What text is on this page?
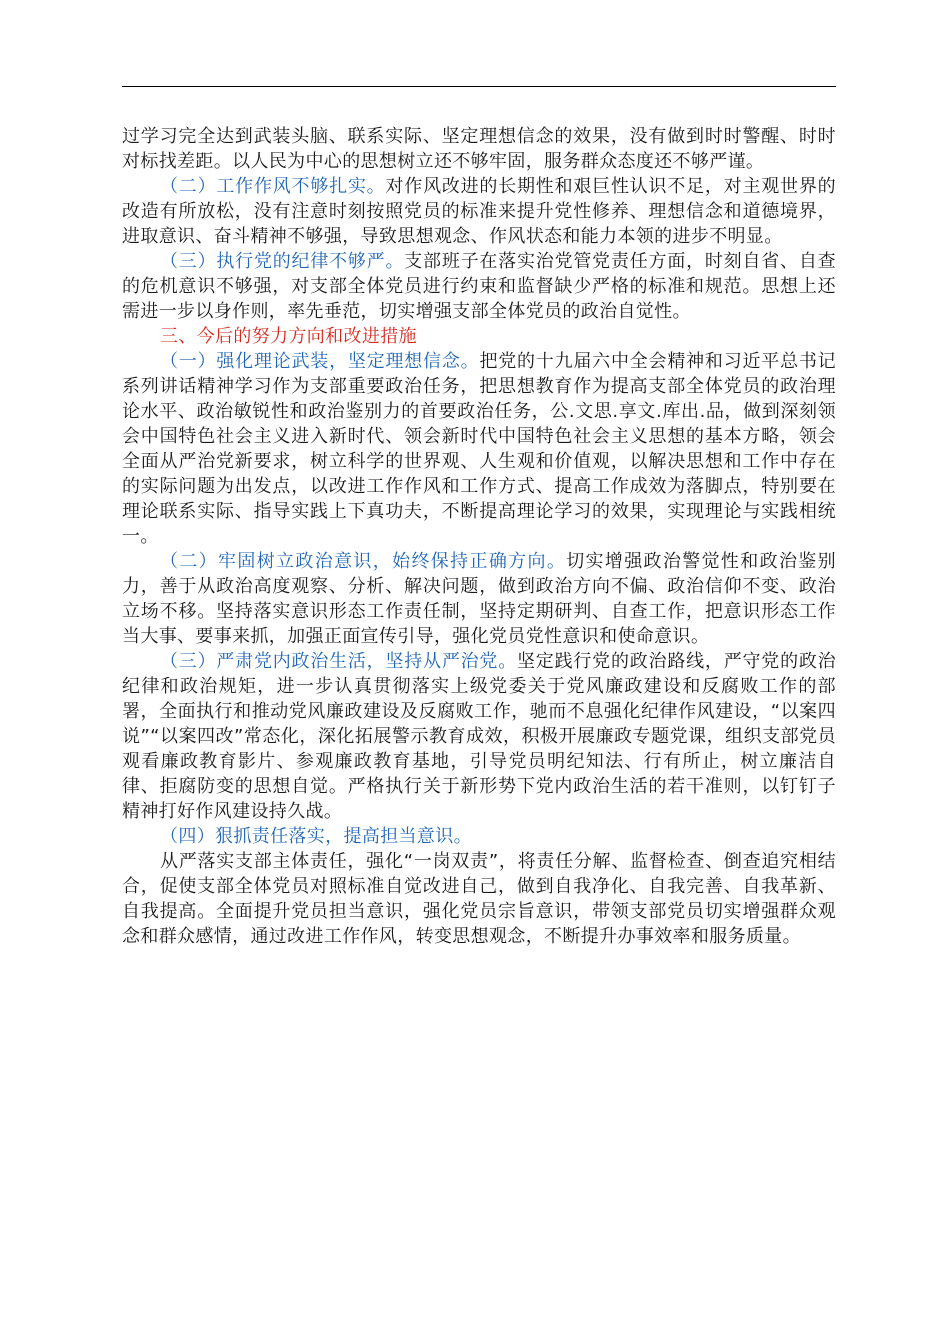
过学习完全达到武装头脑、联系实际、坚定理想信念的效果，没有做到时时警醒、时时对标找差距。以人民为中心的思想树立还不够牢固，服务群众态度还不够严谨。

（二）工作作风不够扎实。对作风改进的长期性和艰巨性认识不足，对主观世界的改造有所放松，没有注意时刻按照党员的标准来提升党性修养、理想信念和道德境界，进取意识、奋斗精神不够强，导致思想观念、作风状态和能力本领的进步不明显。

（三）执行党的纪律不够严。支部班子在落实治党管党责任方面，时刻自省、自查的危机意识不够强，对支部全体党员进行约束和监督缺少严格的标准和规范。思想上还需进一步以身作则，率先垂范，切实增强支部全体党员的政治自觉性。

三、今后的努力方向和改进措施

（一）强化理论武装，坚定理想信念。把党的十九届六中全会精神和习近平总书记系列讲话精神学习作为支部重要政治任务，把思想教育作为提高支部全体党员的政治理论水平、政治敏锐性和政治鉴别力的首要政治任务，公.文思.享文.库出.品，做到深刻领会中国特色社会主义进入新时代、领会新时代中国特色社会主义思想的基本方略，领会全面从严治党新要求，树立科学的世界观、人生观和价值观，以解决思想和工作中存在的实际问题为出发点，以改进工作作风和工作方式、提高工作成效为落脚点，特别要在理论联系实际、指导实践上下真功夫，不断提高理论学习的效果，实现理论与实践相统一。

（二）牢固树立政治意识，始终保持正确方向。切实增强政治警觉性和政治鉴别力，善于从政治高度观察、分析、解决问题，做到政治方向不偏、政治信仰不变、政治立场不移。坚持落实意识形态工作责任制，坚持定期研判、自查工作，把意识形态工作当大事、要事来抓，加强正面宣传引导，强化党员党性意识和使命意识。

（三）严肃党内政治生活，坚持从严治党。坚定践行党的政治路线，严守党的政治纪律和政治规矩，进一步认真贯彻落实上级党委关于党风廉政建设和反腐败工作的部署，全面执行和推动党风廉政建设及反腐败工作，驰而不息强化纪律作风建设，“以案四说”“以案四改”常态化，深化拓展警示教育成效，积极开展廉政专题党课，组织支部党员观看廉政教育影片、参观廉政教育基地，引导党员明纪知法、行有所止，树立廉洁自律、拒腐防变的思想自觉。严格执行关于新形势下党内政治生活的若干准则，以钉钉子精神打好作风建设持久战。

（四）狠抓责任落实，提高担当意识。

从严落实支部主体责任，强化“一岗双责”，将责任分解、监督检查、倒查追究相结合，促使支部全体党员对照标准自觉改进自己，做到自我净化、自我完善、自我革新、自我提高。全面提升党员担当意识，强化党员宗旨意识，带领支部党员切实增强群众观念和群众感情，通过改进工作作风，转变思想观念，不断提升办事效率和服务质量。
